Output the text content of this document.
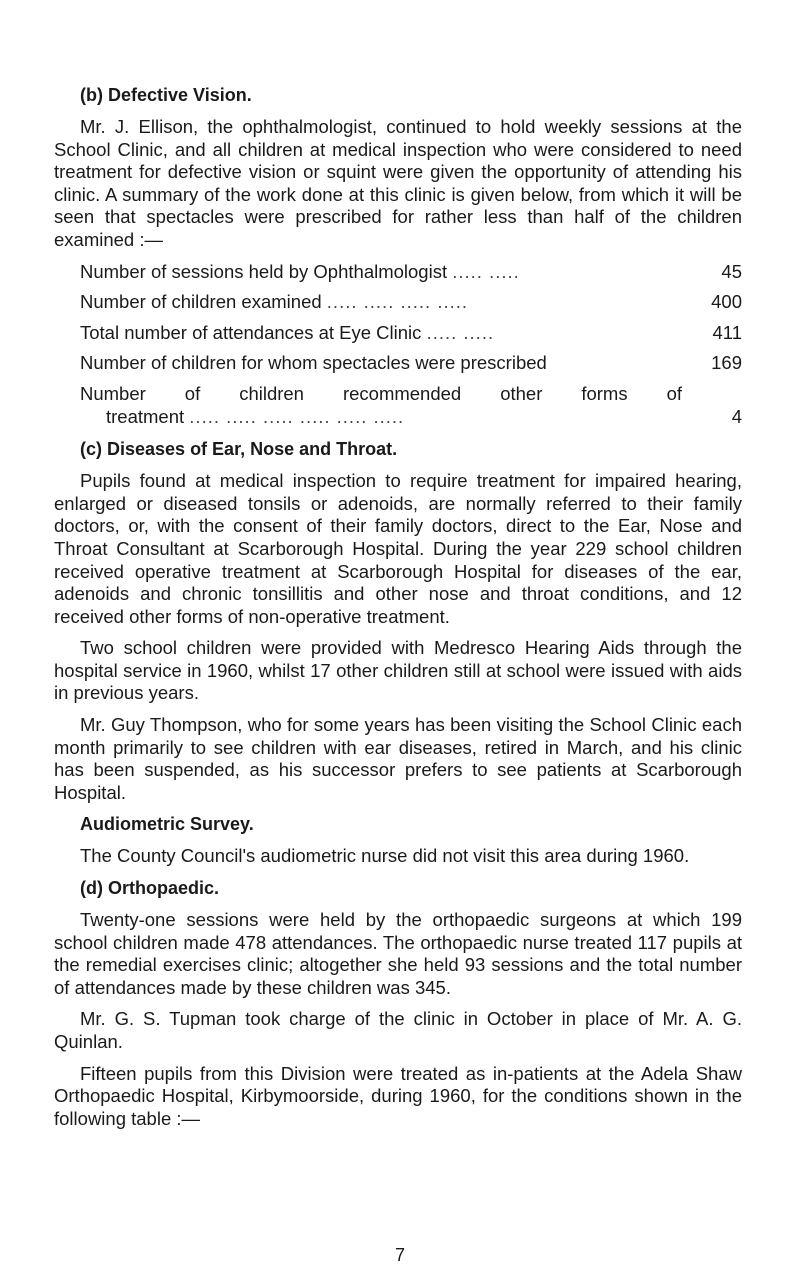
(b) Defective Vision.

Mr. J. Ellison, the ophthalmologist, continued to hold weekly sessions at the School Clinic, and all children at medical inspection who were considered to need treatment for defective vision or squint were given the opportunity of attending his clinic. A summary of the work done at this clinic is given below, from which it will be seen that spectacles were prescribed for rather less than half of the children examined :—

Number of sessions held by Ophthalmologist ..... .....	45
Number of children examined ..... ..... ..... .....	400
Total number of attendances at Eye Clinic ..... .....	411
Number of children for whom spectacles were prescribed	169
Number of children recommended other forms of
treatment ..... ..... ..... ..... ..... .....	4
(c) Diseases of Ear, Nose and Throat.

Pupils found at medical inspection to require treatment for impaired hearing, enlarged or diseased tonsils or adenoids, are normally referred to their family doctors, or, with the consent of their family doctors, direct to the Ear, Nose and Throat Consultant at Scarborough Hospital. During the year 229 school children received operative treatment at Scarborough Hospital for diseases of the ear, adenoids and chronic tonsillitis and other nose and throat conditions, and 12 received other forms of non-operative treatment.

Two school children were provided with Medresco Hearing Aids through the hospital service in 1960, whilst 17 other children still at school were issued with aids in previous years.

Mr. Guy Thompson, who for some years has been visiting the School Clinic each month primarily to see children with ear diseases, retired in March, and his clinic has been suspended, as his successor prefers to see patients at Scarborough Hospital.

Audiometric Survey.

The County Council's audiometric nurse did not visit this area during 1960.

(d) Orthopaedic.

Twenty-one sessions were held by the orthopaedic surgeons at which 199 school children made 478 attendances. The orthopaedic nurse treated 117 pupils at the remedial exercises clinic; altogether she held 93 sessions and the total number of attendances made by these children was 345.

Mr. G. S. Tupman took charge of the clinic in October in place of Mr. A. G. Quinlan.

Fifteen pupils from this Division were treated as in-patients at the Adela Shaw Orthopaedic Hospital, Kirbymoorside, during 1960, for the conditions shown in the following table :—

7
